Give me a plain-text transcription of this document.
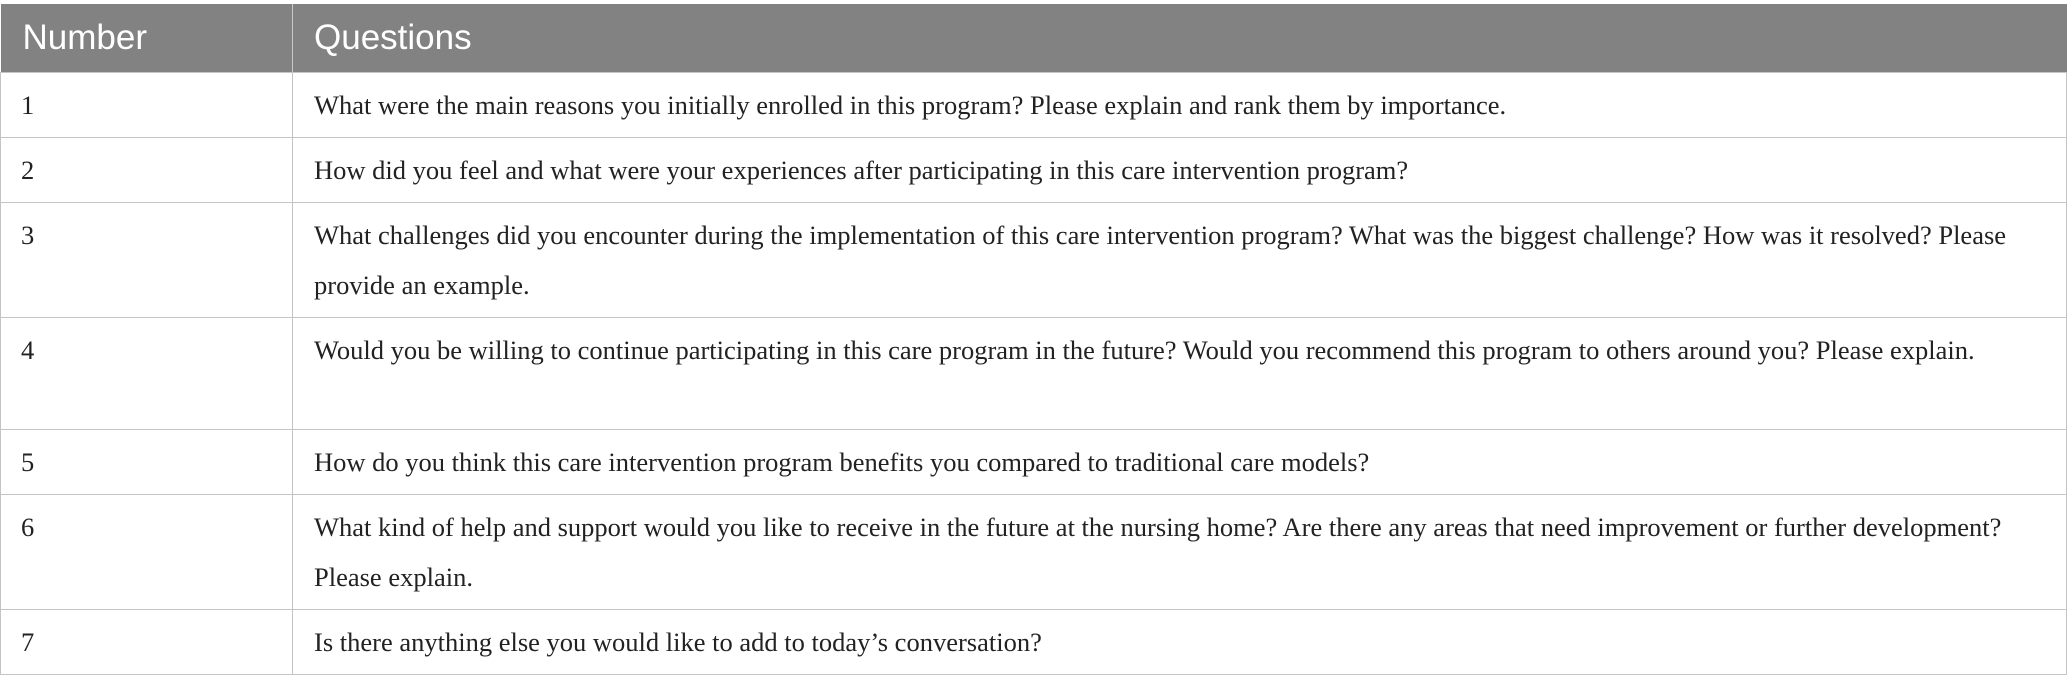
Number	Questions
1	What were the main reasons you initially enrolled in this program? Please explain and rank them by importance.
2	How did you feel and what were your experiences after participating in this care intervention program?
3	What challenges did you encounter during the implementation of this care intervention program? What was the biggest challenge? How was it resolved? Please provide an example.
4	Would you be willing to continue participating in this care program in the future? Would you recommend this program to others around you? Please explain.
5	How do you think this care intervention program benefits you compared to traditional care models?
6	What kind of help and support would you like to receive in the future at the nursing home? Are there any areas that need improvement or further development? Please explain.
7	Is there anything else you would like to add to today’s conversation?
